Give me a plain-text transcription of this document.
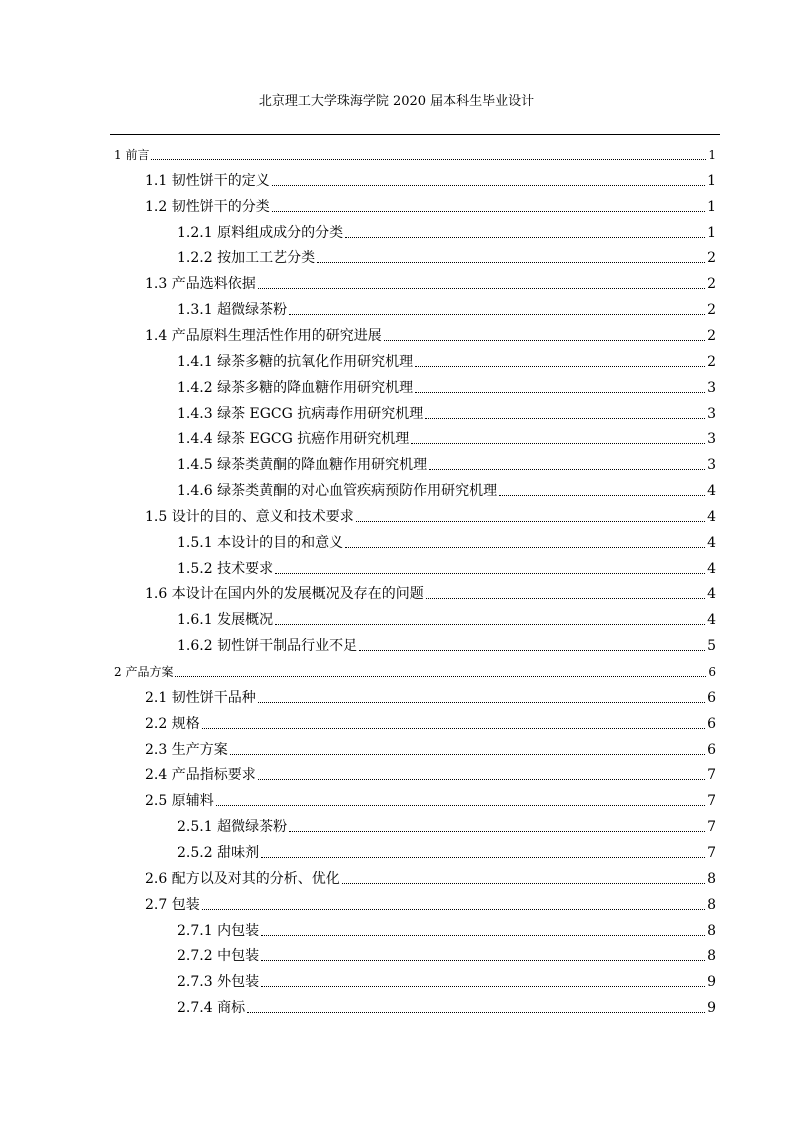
北京理工大学珠海学院 2020 届本科生毕业设计
1 前言	1
1.1 韧性饼干的定义	1
1.2 韧性饼干的分类	1
1.2.1 原料组成成分的分类	1
1.2.2 按加工工艺分类	2
1.3 产品选料依据	2
1.3.1 超微绿茶粉	2
1.4 产品原料生理活性作用的研究进展	2
1.4.1 绿茶多糖的抗氧化作用研究机理	2
1.4.2 绿茶多糖的降血糖作用研究机理	3
1.4.3 绿茶 EGCG 抗病毒作用研究机理	3
1.4.4 绿茶 EGCG 抗癌作用研究机理	3
1.4.5 绿茶类黄酮的降血糖作用研究机理	3
1.4.6 绿茶类黄酮的对心血管疾病预防作用研究机理	4
1.5 设计的目的、意义和技术要求	4
1.5.1 本设计的目的和意义	4
1.5.2 技术要求	4
1.6 本设计在国内外的发展概况及存在的问题	4
1.6.1 发展概况	4
1.6.2 韧性饼干制品行业不足	5
2 产品方案	6
2.1 韧性饼干品种	6
2.2 规格	6
2.3 生产方案	6
2.4 产品指标要求	7
2.5 原辅料	7
2.5.1 超微绿茶粉	7
2.5.2 甜味剂	7
2.6 配方以及对其的分析、优化	8
2.7 包装	8
2.7.1 内包装	8
2.7.2 中包装	8
2.7.3 外包装	9
2.7.4 商标	9
